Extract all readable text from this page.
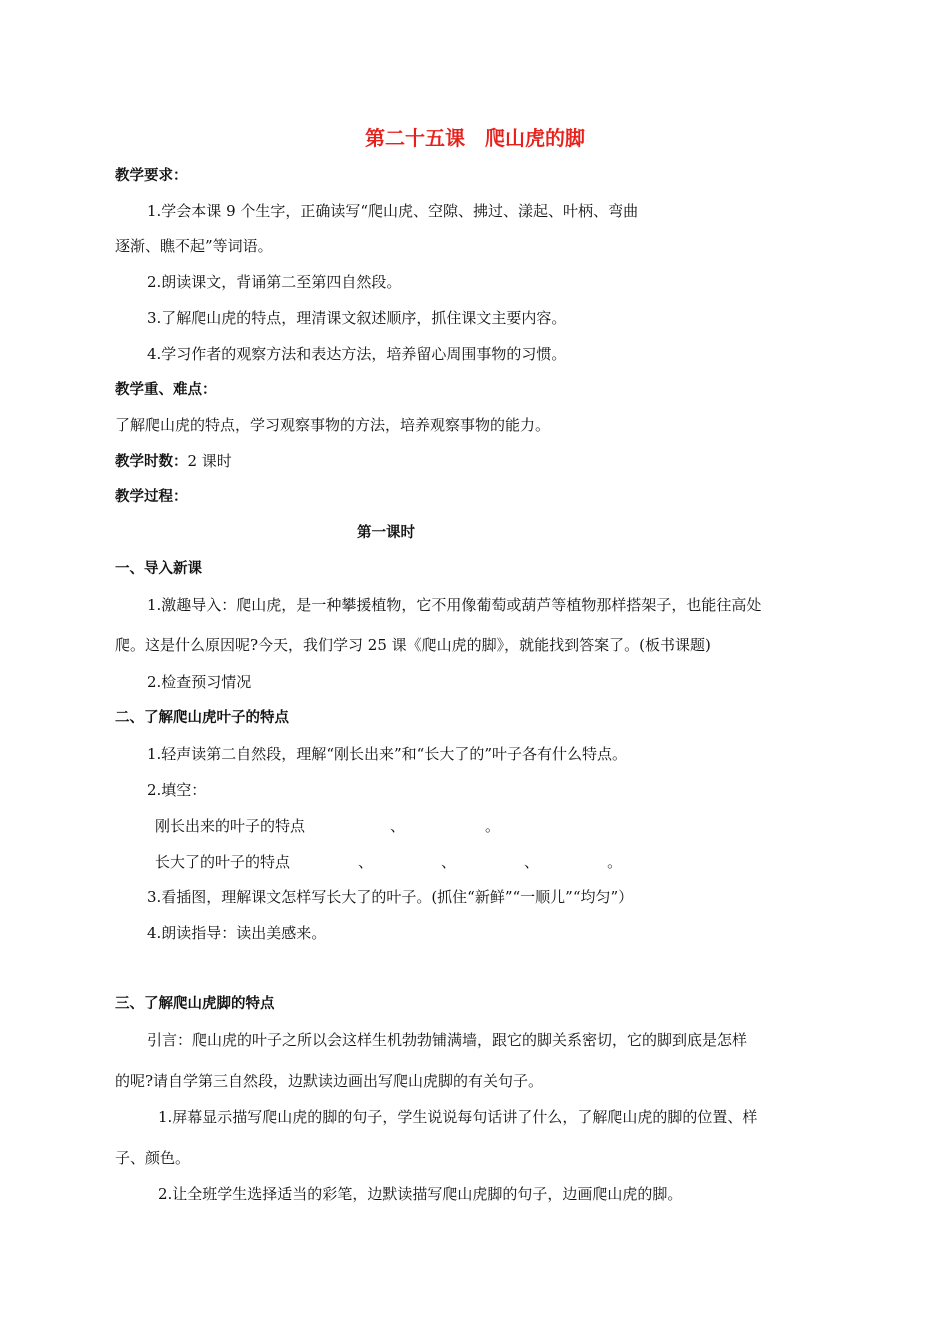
第二十五课　爬山虎的脚
教学要求：
1.学会本课 9 个生字，正确读写“爬山虎、空隙、拂过、漾起、叶柄、弯曲
逐渐、瞧不起”等词语。
2.朗读课文，背诵第二至第四自然段。
3.了解爬山虎的特点，理清课文叙述顺序，抓住课文主要内容。
4.学习作者的观察方法和表达方法，培养留心周围事物的习惯。
教学重、难点：
了解爬山虎的特点，学习观察事物的方法，培养观察事物的能力。
教学时数：2 课时
教学过程：
第一课时
一、导入新课
1.激趣导入：爬山虎，是一种攀援植物，它不用像葡萄或葫芦等植物那样搭架子，也能往高处
爬。这是什么原因呢?今天，我们学习 25 课《爬山虎的脚》，就能找到答案了。(板书课题)
2.检查预习情况
二、了解爬山虎叶子的特点
1.轻声读第二自然段，理解“刚长出来”和“长大了的”叶子各有什么特点。
2.填空：
刚长出来的叶子的特点	、	。
长大了的叶子的特点	、	、	、	。
3.看插图，理解课文怎样写长大了的叶子。(抓住“新鲜”“一顺儿”“均匀”）
4.朗读指导：读出美感来。
三、了解爬山虎脚的特点
引言：爬山虎的叶子之所以会这样生机勃勃铺满墙，跟它的脚关系密切，它的脚到底是怎样
的呢?请自学第三自然段，边默读边画出写爬山虎脚的有关句子。
1.屏幕显示描写爬山虎的脚的句子，学生说说每句话讲了什么，了解爬山虎的脚的位置、样
子、颜色。
2.让全班学生选择适当的彩笔，边默读描写爬山虎脚的句子，边画爬山虎的脚。
